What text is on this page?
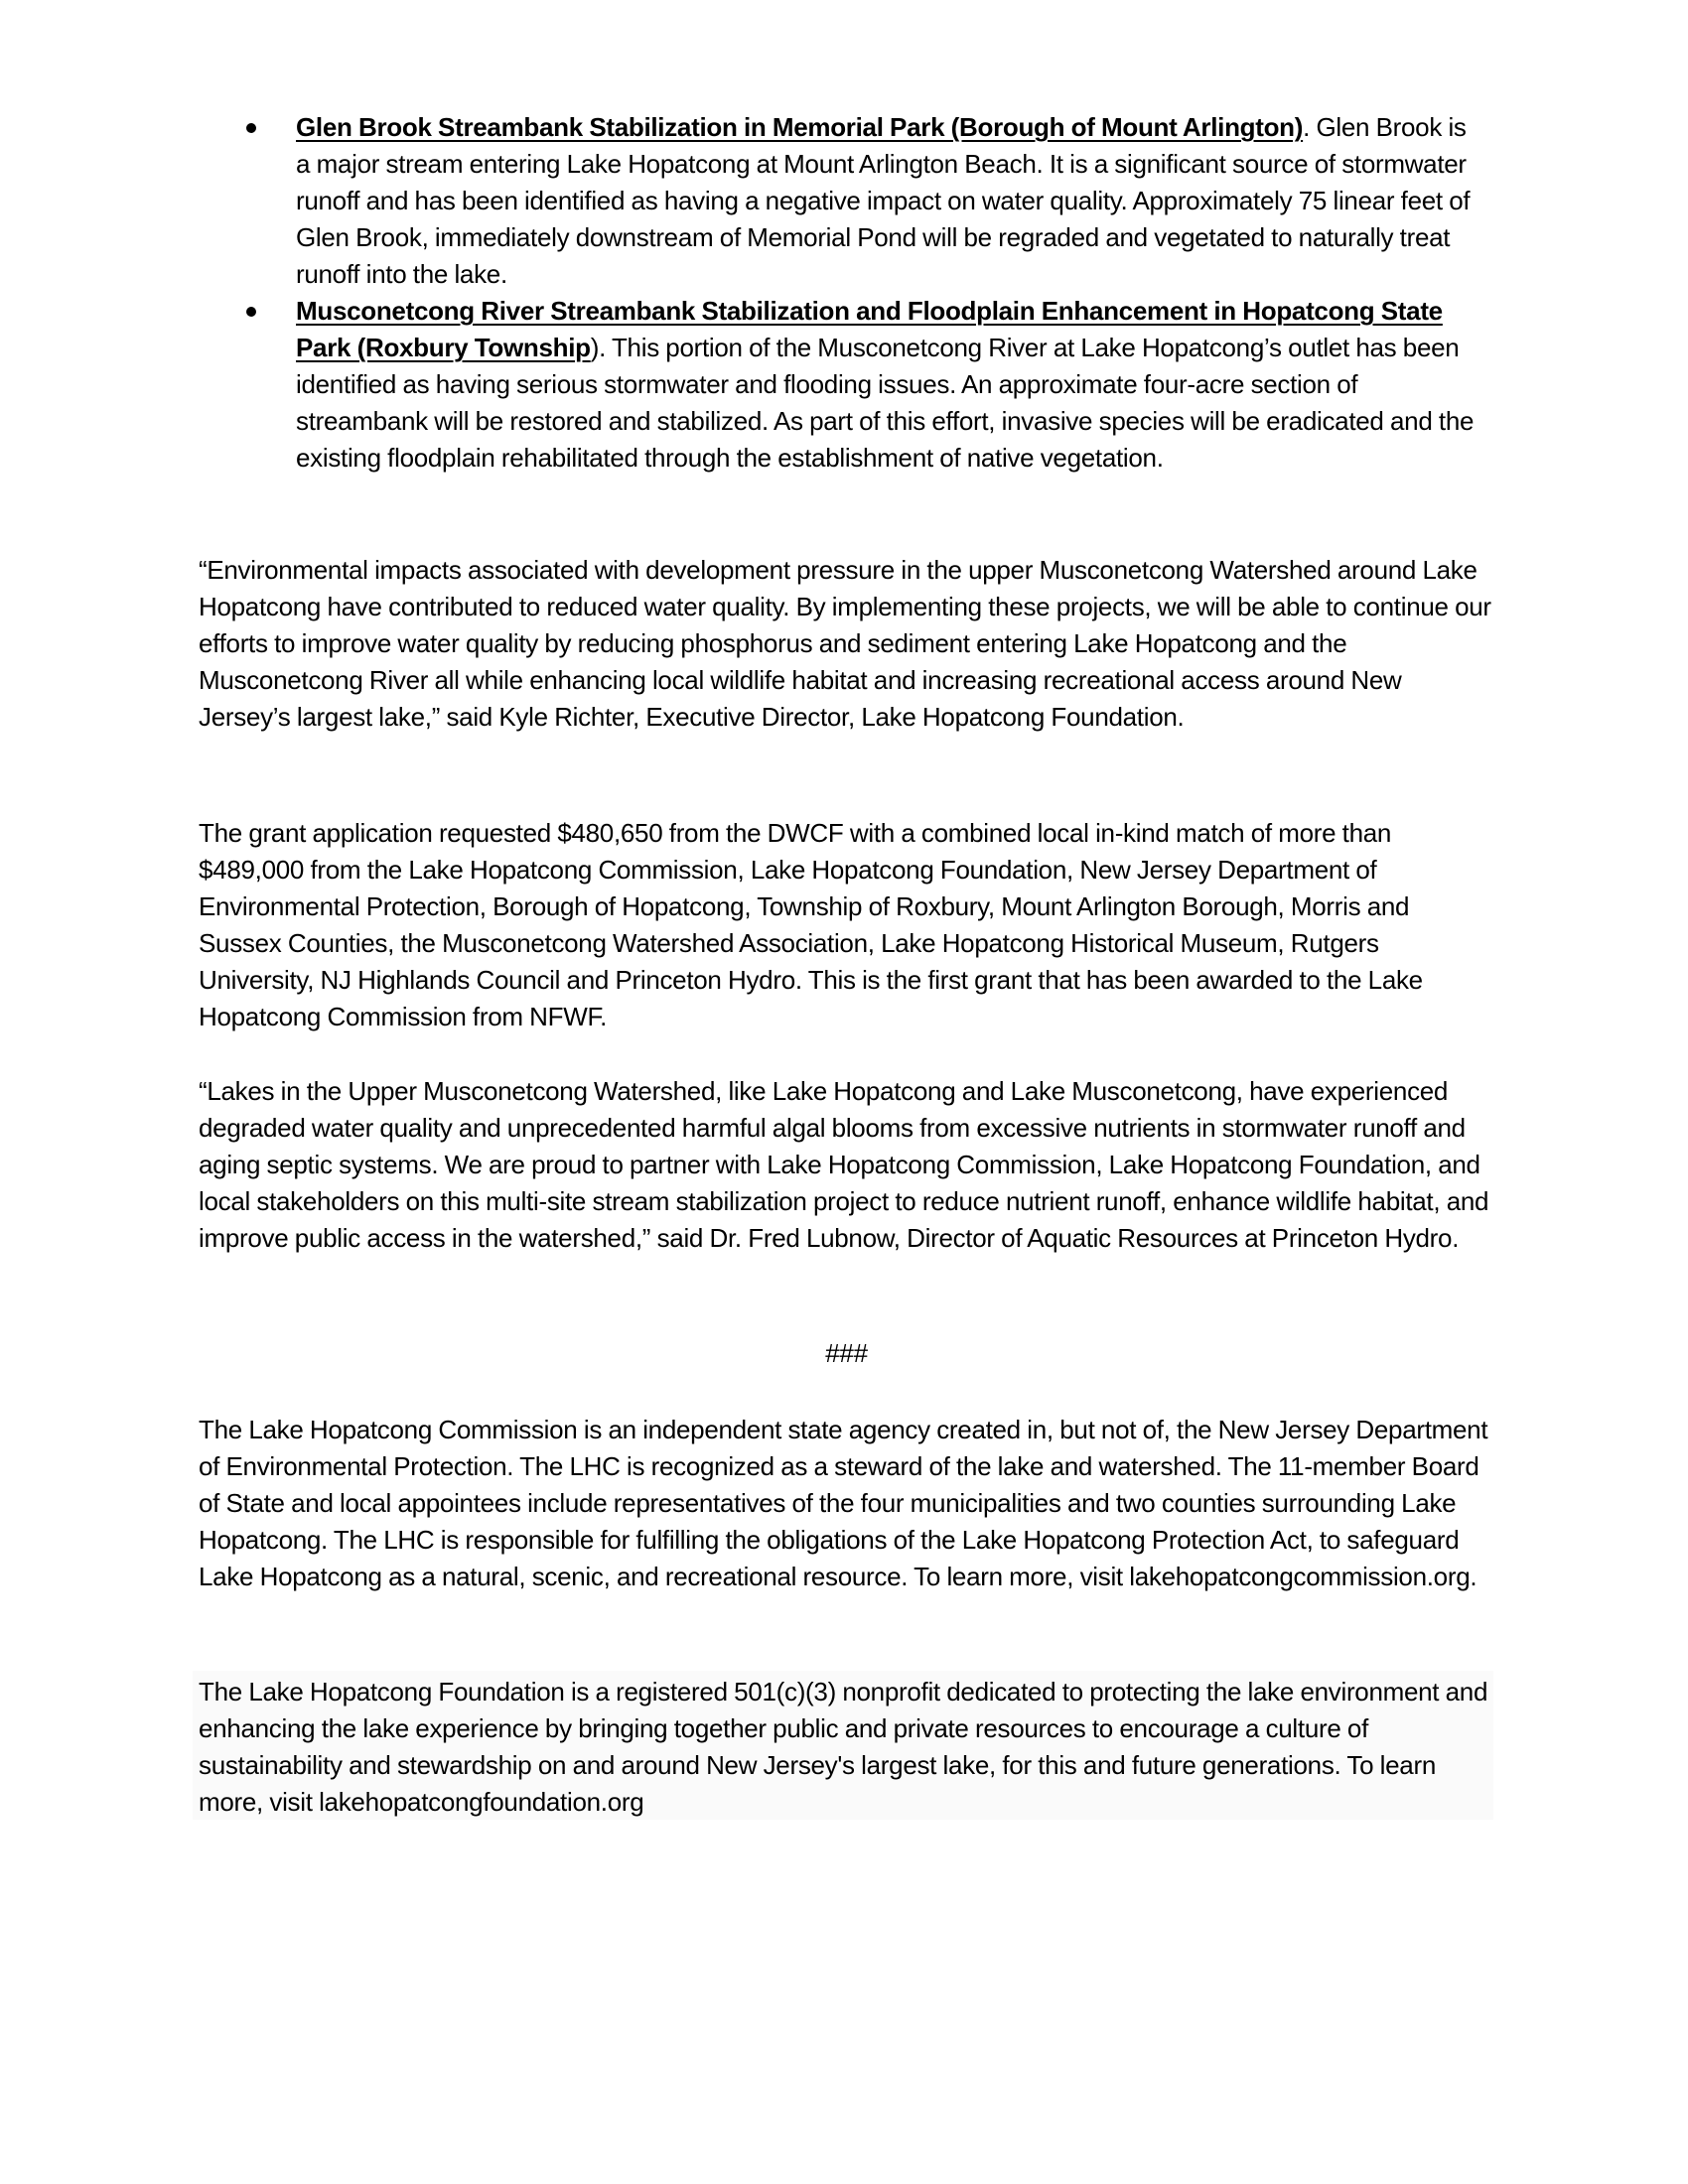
Glen Brook Streambank Stabilization in Memorial Park (Borough of Mount Arlington). Glen Brook is a major stream entering Lake Hopatcong at Mount Arlington Beach. It is a significant source of stormwater runoff and has been identified as having a negative impact on water quality. Approximately 75 linear feet of Glen Brook, immediately downstream of Memorial Pond will be regraded and vegetated to naturally treat runoff into the lake.
Musconetcong River Streambank Stabilization and Floodplain Enhancement in Hopatcong State Park (Roxbury Township). This portion of the Musconetcong River at Lake Hopatcong’s outlet has been identified as having serious stormwater and flooding issues. An approximate four-acre section of streambank will be restored and stabilized. As part of this effort, invasive species will be eradicated and the existing floodplain rehabilitated through the establishment of native vegetation.

“Environmental impacts associated with development pressure in the upper Musconetcong Watershed around Lake Hopatcong have contributed to reduced water quality. By implementing these projects, we will be able to continue our efforts to improve water quality by reducing phosphorus and sediment entering Lake Hopatcong and the Musconetcong River all while enhancing local wildlife habitat and increasing recreational access around New Jersey’s largest lake,” said Kyle Richter, Executive Director, Lake Hopatcong Foundation.

The grant application requested $480,650 from the DWCF with a combined local in-kind match of more than $489,000 from the Lake Hopatcong Commission, Lake Hopatcong Foundation, New Jersey Department of Environmental Protection, Borough of Hopatcong, Township of Roxbury, Mount Arlington Borough, Morris and Sussex Counties, the Musconetcong Watershed Association, Lake Hopatcong Historical Museum, Rutgers University, NJ Highlands Council and Princeton Hydro. This is the first grant that has been awarded to the Lake Hopatcong Commission from NFWF.

“Lakes in the Upper Musconetcong Watershed, like Lake Hopatcong and Lake Musconetcong, have experienced degraded water quality and unprecedented harmful algal blooms from excessive nutrients in stormwater runoff and aging septic systems. We are proud to partner with Lake Hopatcong Commission, Lake Hopatcong Foundation, and local stakeholders on this multi-site stream stabilization project to reduce nutrient runoff, enhance wildlife habitat, and improve public access in the watershed,” said Dr. Fred Lubnow, Director of Aquatic Resources at Princeton Hydro.

###

The Lake Hopatcong Commission is an independent state agency created in, but not of, the New Jersey Department of Environmental Protection. The LHC is recognized as a steward of the lake and watershed. The 11-member Board of State and local appointees include representatives of the four municipalities and two counties surrounding Lake Hopatcong. The LHC is responsible for fulfilling the obligations of the Lake Hopatcong Protection Act, to safeguard Lake Hopatcong as a natural, scenic, and recreational resource. To learn more, visit lakehopatcongcommission.org.

The Lake Hopatcong Foundation is a registered 501(c)(3) nonprofit dedicated to protecting the lake environment and enhancing the lake experience by bringing together public and private resources to encourage a culture of sustainability and stewardship on and around New Jersey's largest lake, for this and future generations. To learn more, visit lakehopatcongfoundation.org
